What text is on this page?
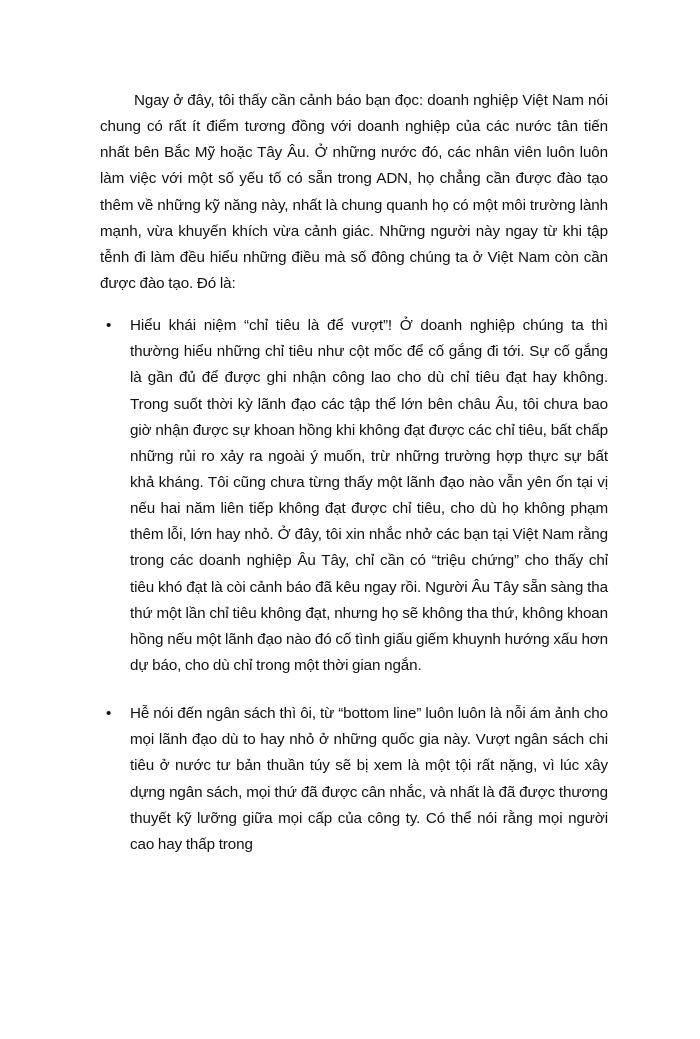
Ngay ở đây, tôi thấy cần cảnh báo bạn đọc: doanh nghiệp Việt Nam nói chung có rất ít điểm tương đồng với doanh nghiệp của các nước tân tiến nhất bên Bắc Mỹ hoặc Tây Âu. Ở những nước đó, các nhân viên luôn luôn làm việc với một số yếu tố có sẵn trong ADN, họ chẳng cần được đào tạo thêm về những kỹ năng này, nhất là chung quanh họ có một môi trường lành mạnh, vừa khuyến khích vừa cảnh giác. Những người này ngay từ khi tập tễnh đi làm đều hiểu những điều mà số đông chúng ta ở Việt Nam còn cần được đào tạo. Đó là:

• Hiểu khái niệm “chỉ tiêu là để vượt”! Ở doanh nghiệp chúng ta thì thường hiểu những chỉ tiêu như cột mốc để cố gắng đi tới. Sự cố gắng là gần đủ để được ghi nhận công lao cho dù chỉ tiêu đạt hay không. Trong suốt thời kỳ lãnh đạo các tập thể lớn bên châu Âu, tôi chưa bao giờ nhận được sự khoan hồng khi không đạt được các chỉ tiêu, bất chấp những rủi ro xảy ra ngoài ý muốn, trừ những trường hợp thực sự bất khả kháng. Tôi cũng chưa từng thấy một lãnh đạo nào vẫn yên ổn tại vị nếu hai năm liên tiếp không đạt được chỉ tiêu, cho dù họ không phạm thêm lỗi, lớn hay nhỏ. Ở đây, tôi xin nhắc nhở các bạn tại Việt Nam rằng trong các doanh nghiệp Âu Tây, chỉ cần có “triệu chứng” cho thấy chỉ tiêu khó đạt là còi cảnh báo đã kêu ngay rồi. Người Âu Tây sẵn sàng tha thứ một lần chỉ tiêu không đạt, nhưng họ sẽ không tha thứ, không khoan hồng nếu một lãnh đạo nào đó cố tình giấu giếm khuynh hướng xấu hơn dự báo, cho dù chỉ trong một thời gian ngắn.
• Hễ nói đến ngân sách thì ôi, từ “bottom line” luôn luôn là nỗi ám ảnh cho mọi lãnh đạo dù to hay nhỏ ở những quốc gia này. Vượt ngân sách chi tiêu ở nước tư bản thuần túy sẽ bị xem là một tội rất nặng, vì lúc xây dựng ngân sách, mọi thứ đã được cân nhắc, và nhất là đã được thương thuyết kỹ lưỡng giữa mọi cấp của công ty. Có thể nói rằng mọi người cao hay thấp trong
